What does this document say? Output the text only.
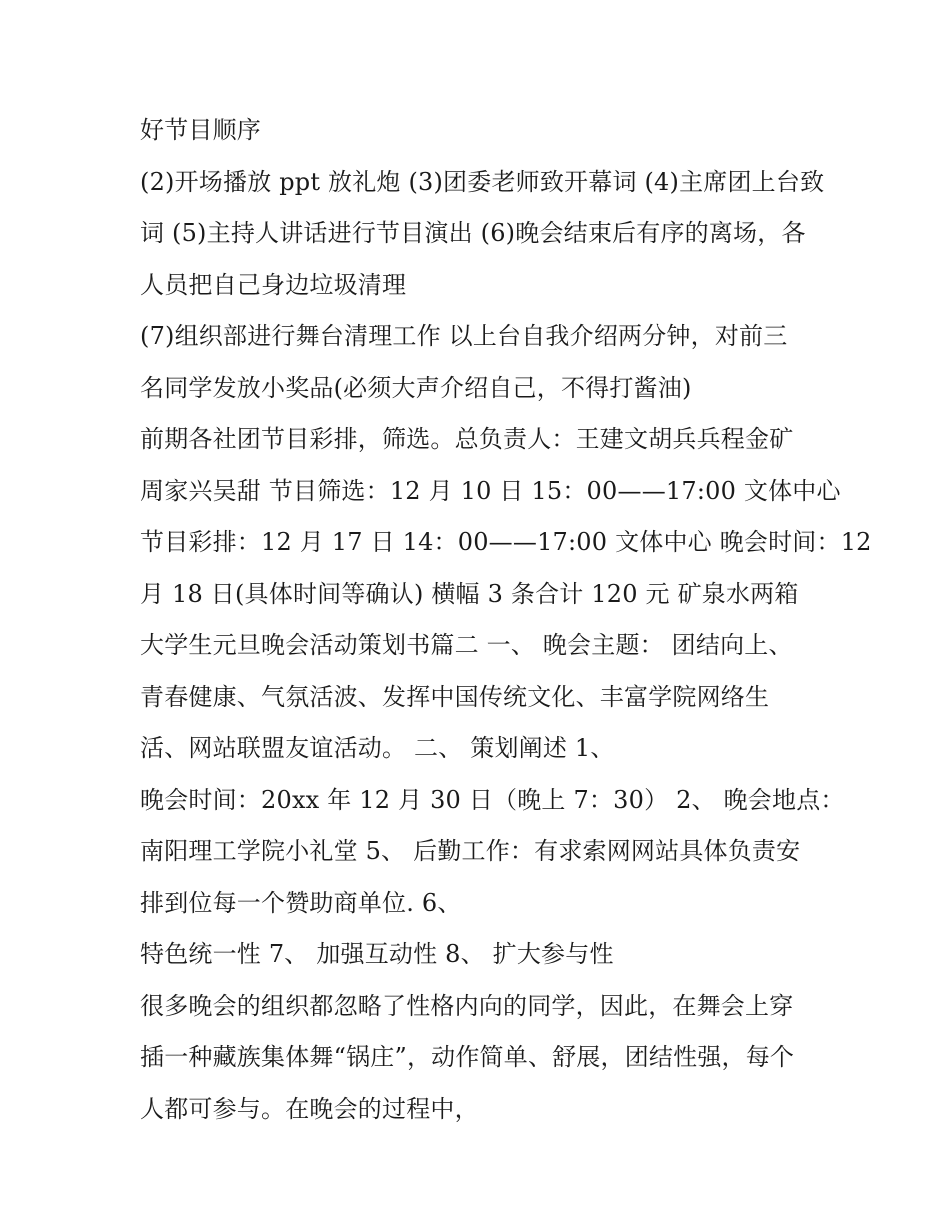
好节目顺序
(2)开场播放 ppt 放礼炮 (3)团委老师致开幕词 (4)主席团上台致
词 (5)主持人讲话进行节目演出 (6)晚会结束后有序的离场，各
人员把自己身边垃圾清理
(7)组织部进行舞台清理工作 以上台自我介绍两分钟，对前三
名同学发放小奖品(必须大声介绍自己，不得打酱油)
前期各社团节目彩排，筛选。总负责人：王建文胡兵兵程金矿
周家兴吴甜 节目筛选：12 月 10 日 15：00——17:00 文体中心
节目彩排：12 月 17 日 14：00——17:00 文体中心 晚会时间：12
月 18 日(具体时间等确认) 横幅 3 条合计 120 元 矿泉水两箱
大学生元旦晚会活动策划书篇二 一、 晚会主题： 团结向上、
青春健康、气氛活波、发挥中国传统文化、丰富学院网络生
活、网站联盟友谊活动。 二、 策划阐述 1、
晚会时间：20xx 年 12 月 30 日（晚上 7：30） 2、 晚会地点：
南阳理工学院小礼堂 5、 后勤工作：有求索网网站具体负责安
排到位每一个赞助商单位. 6、
特色统一性 7、 加强互动性 8、 扩大参与性
很多晚会的组织都忽略了性格内向的同学，因此，在舞会上穿
插一种藏族集体舞“锅庄”，动作简单、舒展，团结性强，每个
人都可参与。在晚会的过程中，
